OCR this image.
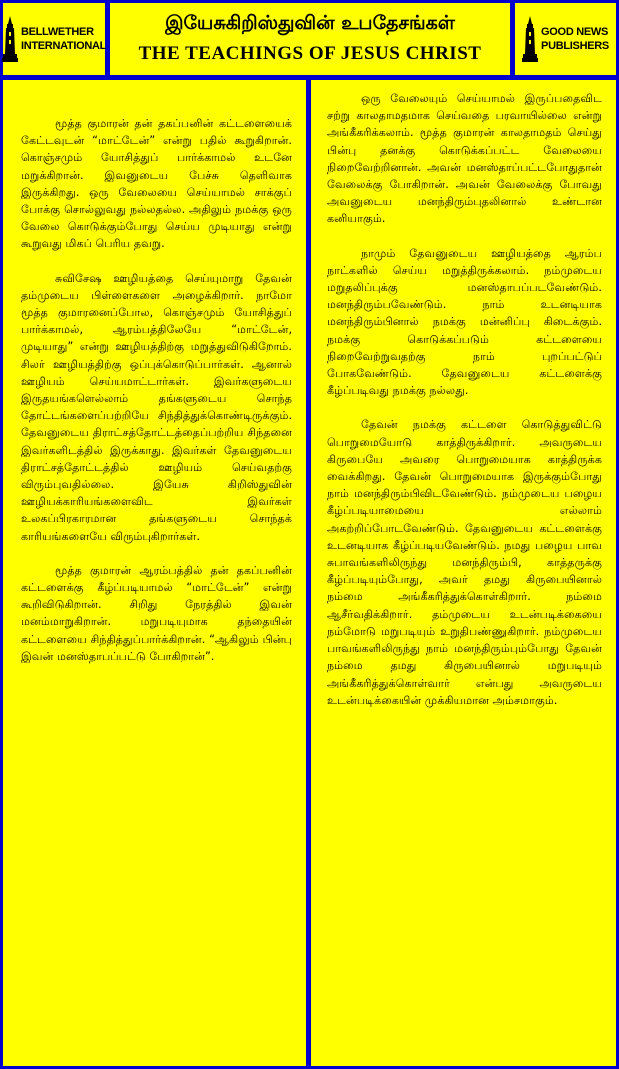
BELLWETHER
INTERNATIONAL
இயேசுகிறிஸ்துவின் உபதேசங்கள்
THE TEACHINGS OF JESUS CHRIST
GOOD NEWS
PUBLISHERS

மூத்த குமாரன் தன் தகப்பனின் கட்டளையைக் கேட்டவுடன் “மாட்டேன்” என்று பதில் கூறுகிறான். கொஞ்சமும் யோசித்துப் பார்க்காமல் உடனே மறுக்கிறான். இவனுடைய பேச்சு தெளிவாக இருக்கிறது. ஒரு வேலையை செய்யாமல் சாக்குப் போக்கு சொல்லுவது நல்லதல்ல. அதிலும் நமக்கு ஒரு வேலை கொடுக்கும்போது செய்ய முடியாது என்று கூறுவது மிகப் பெரிய தவறு.

சுவிசேஷ ஊழியத்தை செய்யுமாறு தேவன் தம்முடைய பிள்ளைகளை அழைக்கிறார். நாமோ மூத்த குமாரனைப்போல, கொஞ்சமும் யோசித்துப் பார்க்காமல், ஆரம்பத்திலேயே “மாட்டேன், முடியாது” என்று ஊழியத்திற்கு மறுத்துவிடுகிறோம். சிலர் ஊழியத்திற்கு ஒப்புக்கொடுப்பார்கள். ஆனால் ஊழியம் செய்யமாட்டார்கள். இவர்களுடைய இருதயங்களெல்லாம் தங்களுடைய சொந்த தோட்டங்களைப்பற்றியே சிந்தித்துக்கொண்டிருக்கும். தேவனுடைய திராட்சத்தோட்டத்தைப்பற்றிய சிந்தனை இவர்களிடத்தில் இருக்காது. இவர்கள் தேவனுடைய திராட்சத்தோட்டத்தில் ஊழியம் செய்வதற்கு விரும்புவதில்லை. இயேசு கிறிஸ்துவின் ஊழியக்காரியங்களைவிட இவர்கள் உலகப்பிரகாரமான தங்களுடைய சொந்தக் காரியங்களையே விரும்புகிறார்கள்.

மூத்த குமாரன் ஆரம்பத்தில் தன் தகப்பனின் கட்டளைக்கு கீழ்ப்படியாமல் “மாட்டேன்” என்று கூறிவிடுகிறான். சிறிது நேரத்தில் இவன் மனம்மாறுகிறான். மறுபடியுமாக தந்தையின் கட்டளையை சிந்தித்துப்பார்க்கிறான். “ஆகிலும் பின்பு இவன் மனஸ்தாபப்பட்டு போகிறான்”.

ஒரு வேலையும் செய்யாமல் இருப்பதைவிட சற்று காலதாமதமாக செய்வதை பரவாயில்லை என்று அங்கீகரிக்கலாம். மூத்த குமாரன் காலதாமதம் செய்து பின்பு தனக்கு கொடுக்கப்பட்ட வேலையை நிறைவேற்றினான். அவன் மனஸ்தாப்பட்டபோதுதான் வேலைக்கு போகிறான். அவன் வேலைக்கு போவது அவனுடைய மனந்திரும்புதலினால் உண்டான கனியாகும்.

நாமும் தேவனுடைய ஊழியத்தை ஆரம்ப நாட்களில் செய்ய மறுத்திருக்கலாம். நம்முடைய மறுதலிப்புக்கு மனஸ்தாபப்படவேண்டும். மனந்திரும்பவேண்டும். நாம் உடனடியாக மனந்திரும்பினால் நமக்கு மன்னிப்பு கிடைக்கும். நமக்கு கொடுக்கப்படும் கட்டளையை நிறைவேற்றுவதற்கு நாம் புறப்பட்டுப் போகவேண்டும். தேவனுடைய கட்டளைக்கு கீழ்ப்படிவது நமக்கு நல்லது.

தேவன் நமக்கு கட்டளை கொடுத்துவிட்டு பொறுமையோடு காத்திருக்கிறார். அவருடைய கிருபையே அவரை பொறுமையாக காத்திருக்க வைக்கிறது. தேவன் பொறுமையாக இருக்கும்போது நாம் மனந்திரும்பிவிடவேண்டும். நம்முடைய பழைய கீழ்ப்படியாமையை எல்லாம் அகற்றிப்போடவேண்டும். தேவனுடைய கட்டளைக்கு உடனடியாக கீழ்ப்படியவேண்டும். நமது பழைய பாவ சுபாவங்களிலிருந்து மனந்திரும்பி, காத்தருக்கு கீழ்ப்படியும்போது, அவர் தமது கிருபையினால் நம்மை அங்கீகரித்துக்கொள்கிறார். நம்மை ஆசீர்வதிக்கிறார். தம்முடைய உடன்படிக்கையை நம்மோடு மறுபடியும் உறுதிபண்ணுகிறார். நம்முடைய பாவங்களிலிருந்து நாம் மனந்திரும்பும்போது தேவன் நம்மை தமது கிருபையினால் மறுபடியும் அங்கீகரித்துக்கொள்வார் என்பது அவருடைய உடன்படிக்கையின் முக்கியமான அம்சமாகும்.
